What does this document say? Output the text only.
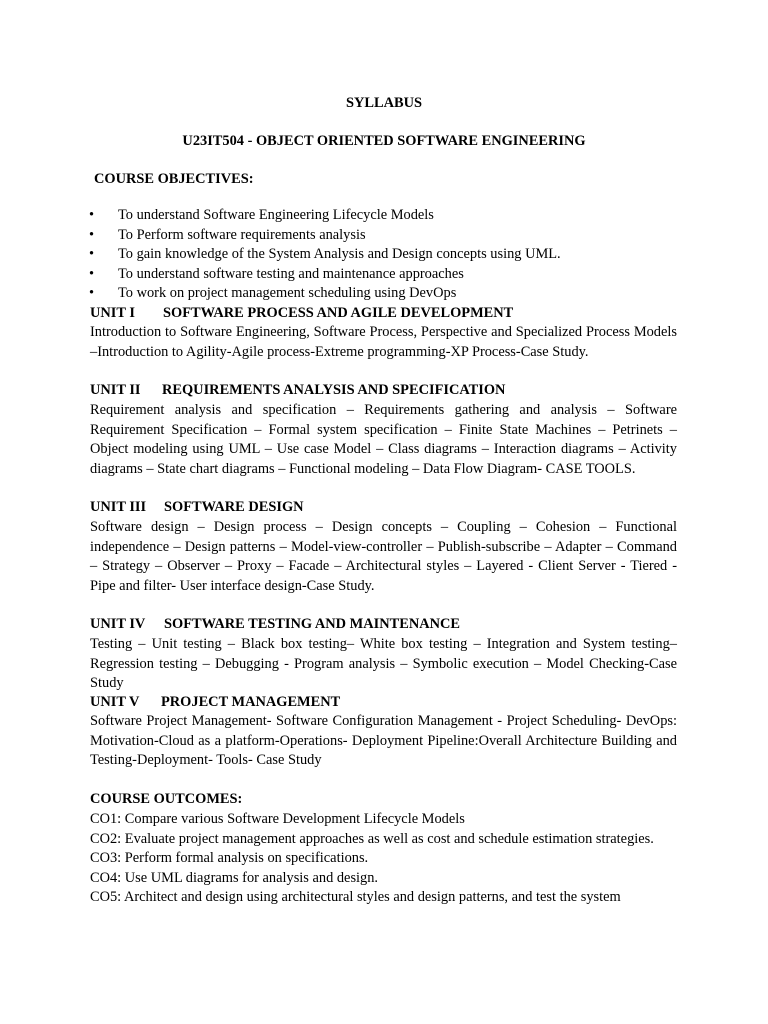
SYLLABUS
U23IT504 - OBJECT ORIENTED SOFTWARE ENGINEERING
COURSE OBJECTIVES:
• To understand Software Engineering Lifecycle Models
• To Perform software requirements analysis
• To gain knowledge of the System Analysis and Design concepts using UML.
• To understand software testing and maintenance approaches
• To work on project management scheduling using DevOps
UNIT I SOFTWARE PROCESS AND AGILE DEVELOPMENT
Introduction to Software Engineering, Software Process, Perspective and Specialized Process Models –Introduction to Agility-Agile process-Extreme programming-XP Process-Case Study.
UNIT II REQUIREMENTS ANALYSIS AND SPECIFICATION
Requirement analysis and specification – Requirements gathering and analysis – Software Requirement Specification – Formal system specification – Finite State Machines – Petrinets – Object modeling using UML – Use case Model – Class diagrams – Interaction diagrams – Activity diagrams – State chart diagrams – Functional modeling – Data Flow Diagram- CASE TOOLS.
UNIT III SOFTWARE DESIGN
Software design – Design process – Design concepts – Coupling – Cohesion – Functional independence – Design patterns – Model-view-controller – Publish-subscribe – Adapter – Command – Strategy – Observer – Proxy – Facade – Architectural styles – Layered - Client Server - Tiered - Pipe and filter- User interface design-Case Study.
UNIT IV SOFTWARE TESTING AND MAINTENANCE
Testing – Unit testing – Black box testing– White box testing – Integration and System testing– Regression testing – Debugging - Program analysis – Symbolic execution – Model Checking-Case Study
UNIT V PROJECT MANAGEMENT
Software Project Management- Software Configuration Management - Project Scheduling- DevOps: Motivation-Cloud as a platform-Operations- Deployment Pipeline:Overall Architecture Building and Testing-Deployment- Tools- Case Study
COURSE OUTCOMES:
CO1: Compare various Software Development Lifecycle Models
CO2: Evaluate project management approaches as well as cost and schedule estimation strategies.
CO3: Perform formal analysis on specifications.
CO4: Use UML diagrams for analysis and design.
CO5: Architect and design using architectural styles and design patterns, and test the system
